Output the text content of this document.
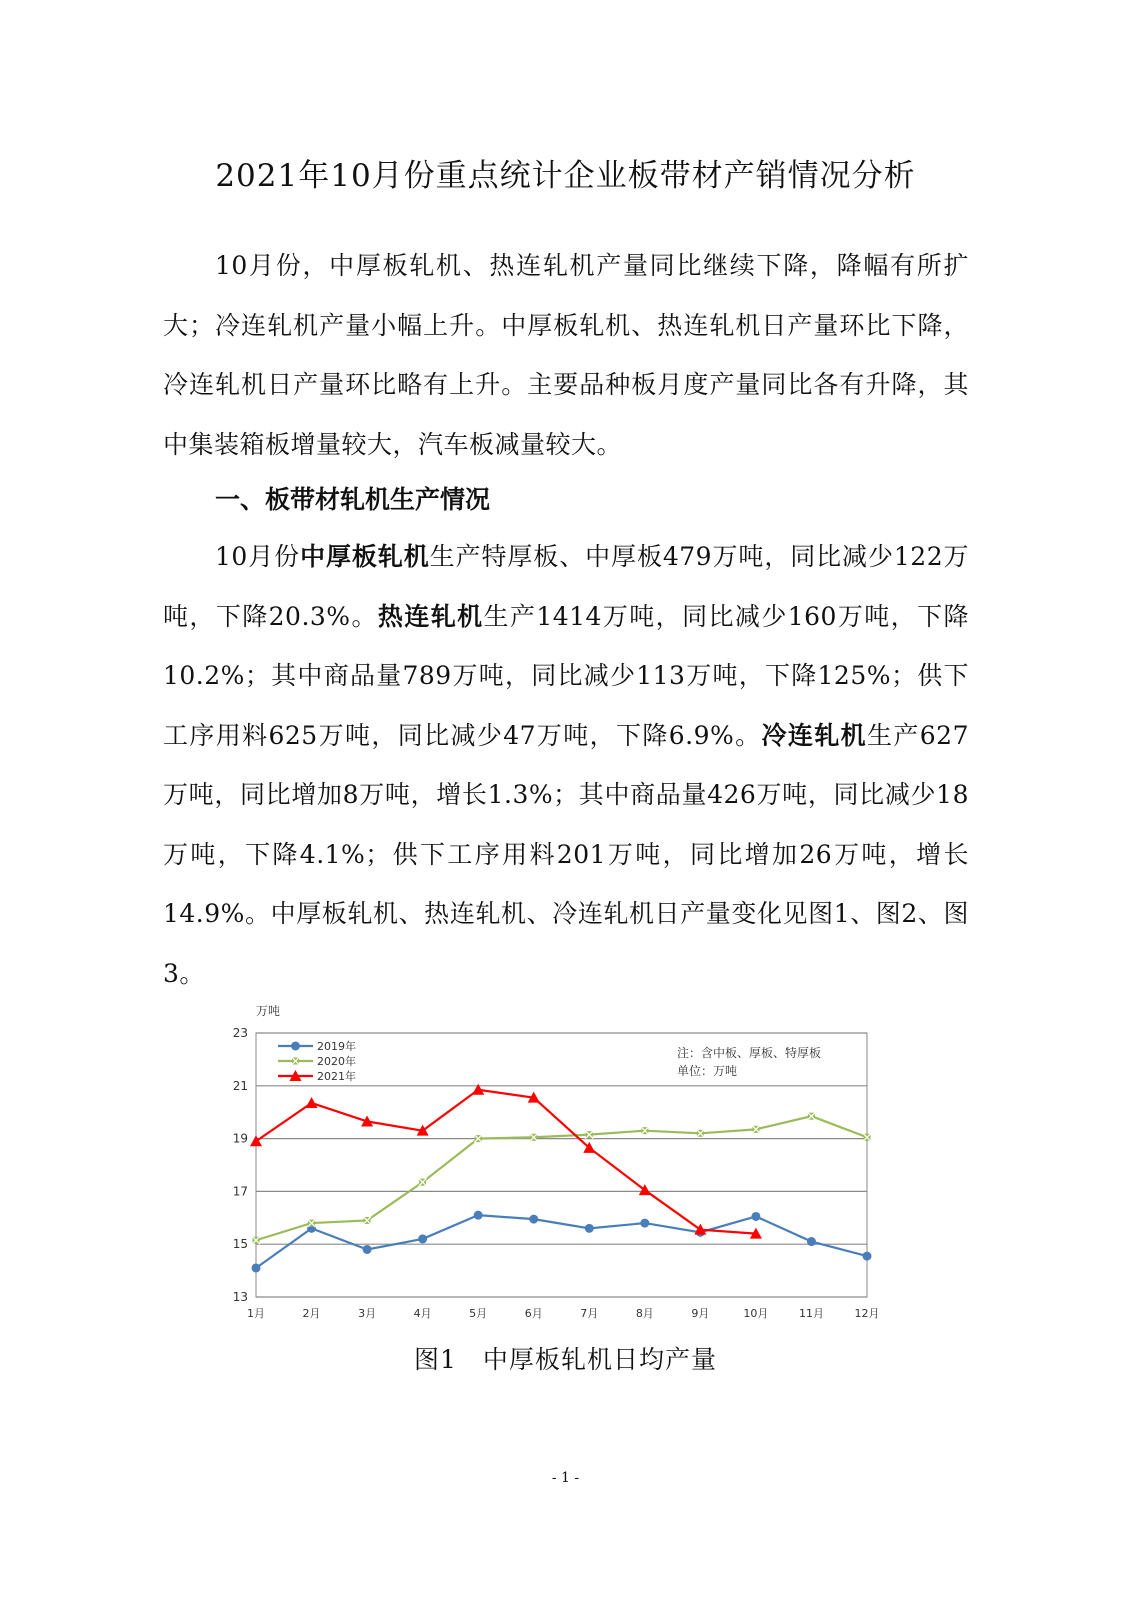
2021年10月份重点统计企业板带材产销情况分析

10月份，中厚板轧机、热连轧机产量同比继续下降，降幅有所扩大；冷连轧机产量小幅上升。中厚板轧机、热连轧机日产量环比下降，冷连轧机日产量环比略有上升。主要品种板月度产量同比各有升降，其中集装箱板增量较大，汽车板减量较大。

一、板带材轧机生产情况

10月份中厚板轧机生产特厚板、中厚板479万吨，同比减少122万吨，下降20.3%。热连轧机生产1414万吨，同比减少160万吨，下降10.2%；其中商品量789万吨，同比减少113万吨，下降125%；供下工序用料625万吨，同比减少47万吨，下降6.9%。冷连轧机生产627万吨，同比增加8万吨，增长1.3%；其中商品量426万吨，同比减少18万吨，下降4.1%；供下工序用料201万吨，同比增加26万吨，增长14.9%。中厚板轧机、热连轧机、冷连轧机日产量变化见图1、图2、图3。

13
15
17
19
21
23
1月	2月	3月	4月	5月	6月	7月	8月	9月	10月	11月	12月
万吨
2019年
2020年
2021年
注：含中板、厚板、特厚板
单位：万吨

图1　中厚板轧机日均产量

- 1 -
